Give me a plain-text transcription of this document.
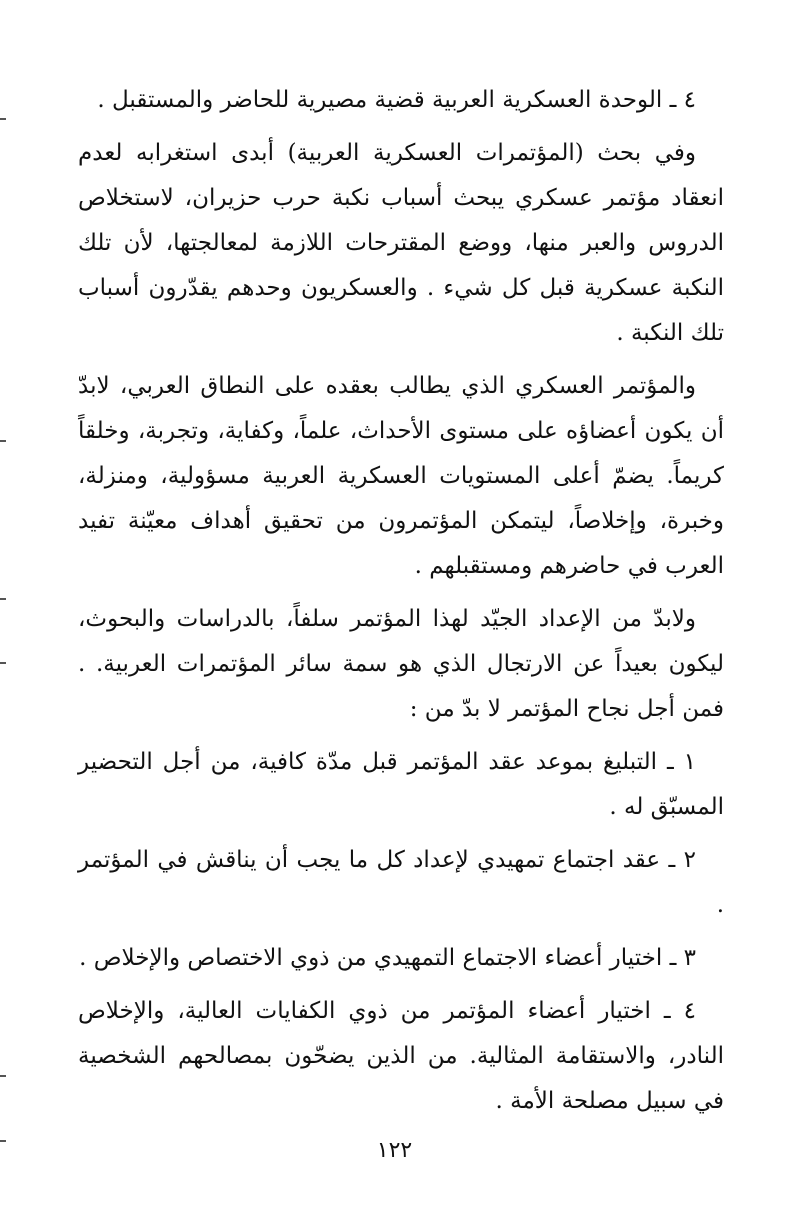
٤ ـ الوحدة العسكرية العربية قضية مصيرية للحاضر والمستقبل .

وفي بحث (المؤتمرات العسكرية العربية) أبدى استغرابه لعدم انعقاد مؤتمر عسكري يبحث أسباب نكبة حرب حزيران، لاستخلاص الدروس والعبر منها، ووضع المقترحات اللازمة لمعالجتها، لأن تلك النكبة عسكرية قبل كل شيء . والعسكريون وحدهم يقدّرون أسباب تلك النكبة .

والمؤتمر العسكري الذي يطالب بعقده على النطاق العربي، لابدّ أن يكون أعضاؤه على مستوى الأحداث، علماً، وكفاية، وتجربة، وخلقاً كريماً. يضمّ أعلى المستويات العسكرية العربية مسؤولية، ومنزلة، وخبرة، وإخلاصاً، ليتمكن المؤتمرون من تحقيق أهداف معيّنة تفيد العرب في حاضرهم ومستقبلهم .

ولابدّ من الإعداد الجيّد لهذا المؤتمر سلفاً، بالدراسات والبحوث، ليكون بعيداً عن الارتجال الذي هو سمة سائر المؤتمرات العربية. . فمن أجل نجاح المؤتمر لا بدّ من :

١ ـ التبليغ بموعد عقد المؤتمر قبل مدّة كافية، من أجل التحضير المسبّق له .

٢ ـ عقد اجتماع تمهيدي لإعداد كل ما يجب أن يناقش في المؤتمر .

٣ ـ اختيار أعضاء الاجتماع التمهيدي من ذوي الاختصاص والإخلاص .

٤ ـ اختيار أعضاء المؤتمر من ذوي الكفايات العالية، والإخلاص النادر، والاستقامة المثالية. من الذين يضحّون بمصالحهم الشخصية في سبيل مصلحة الأمة .

١٢٢
